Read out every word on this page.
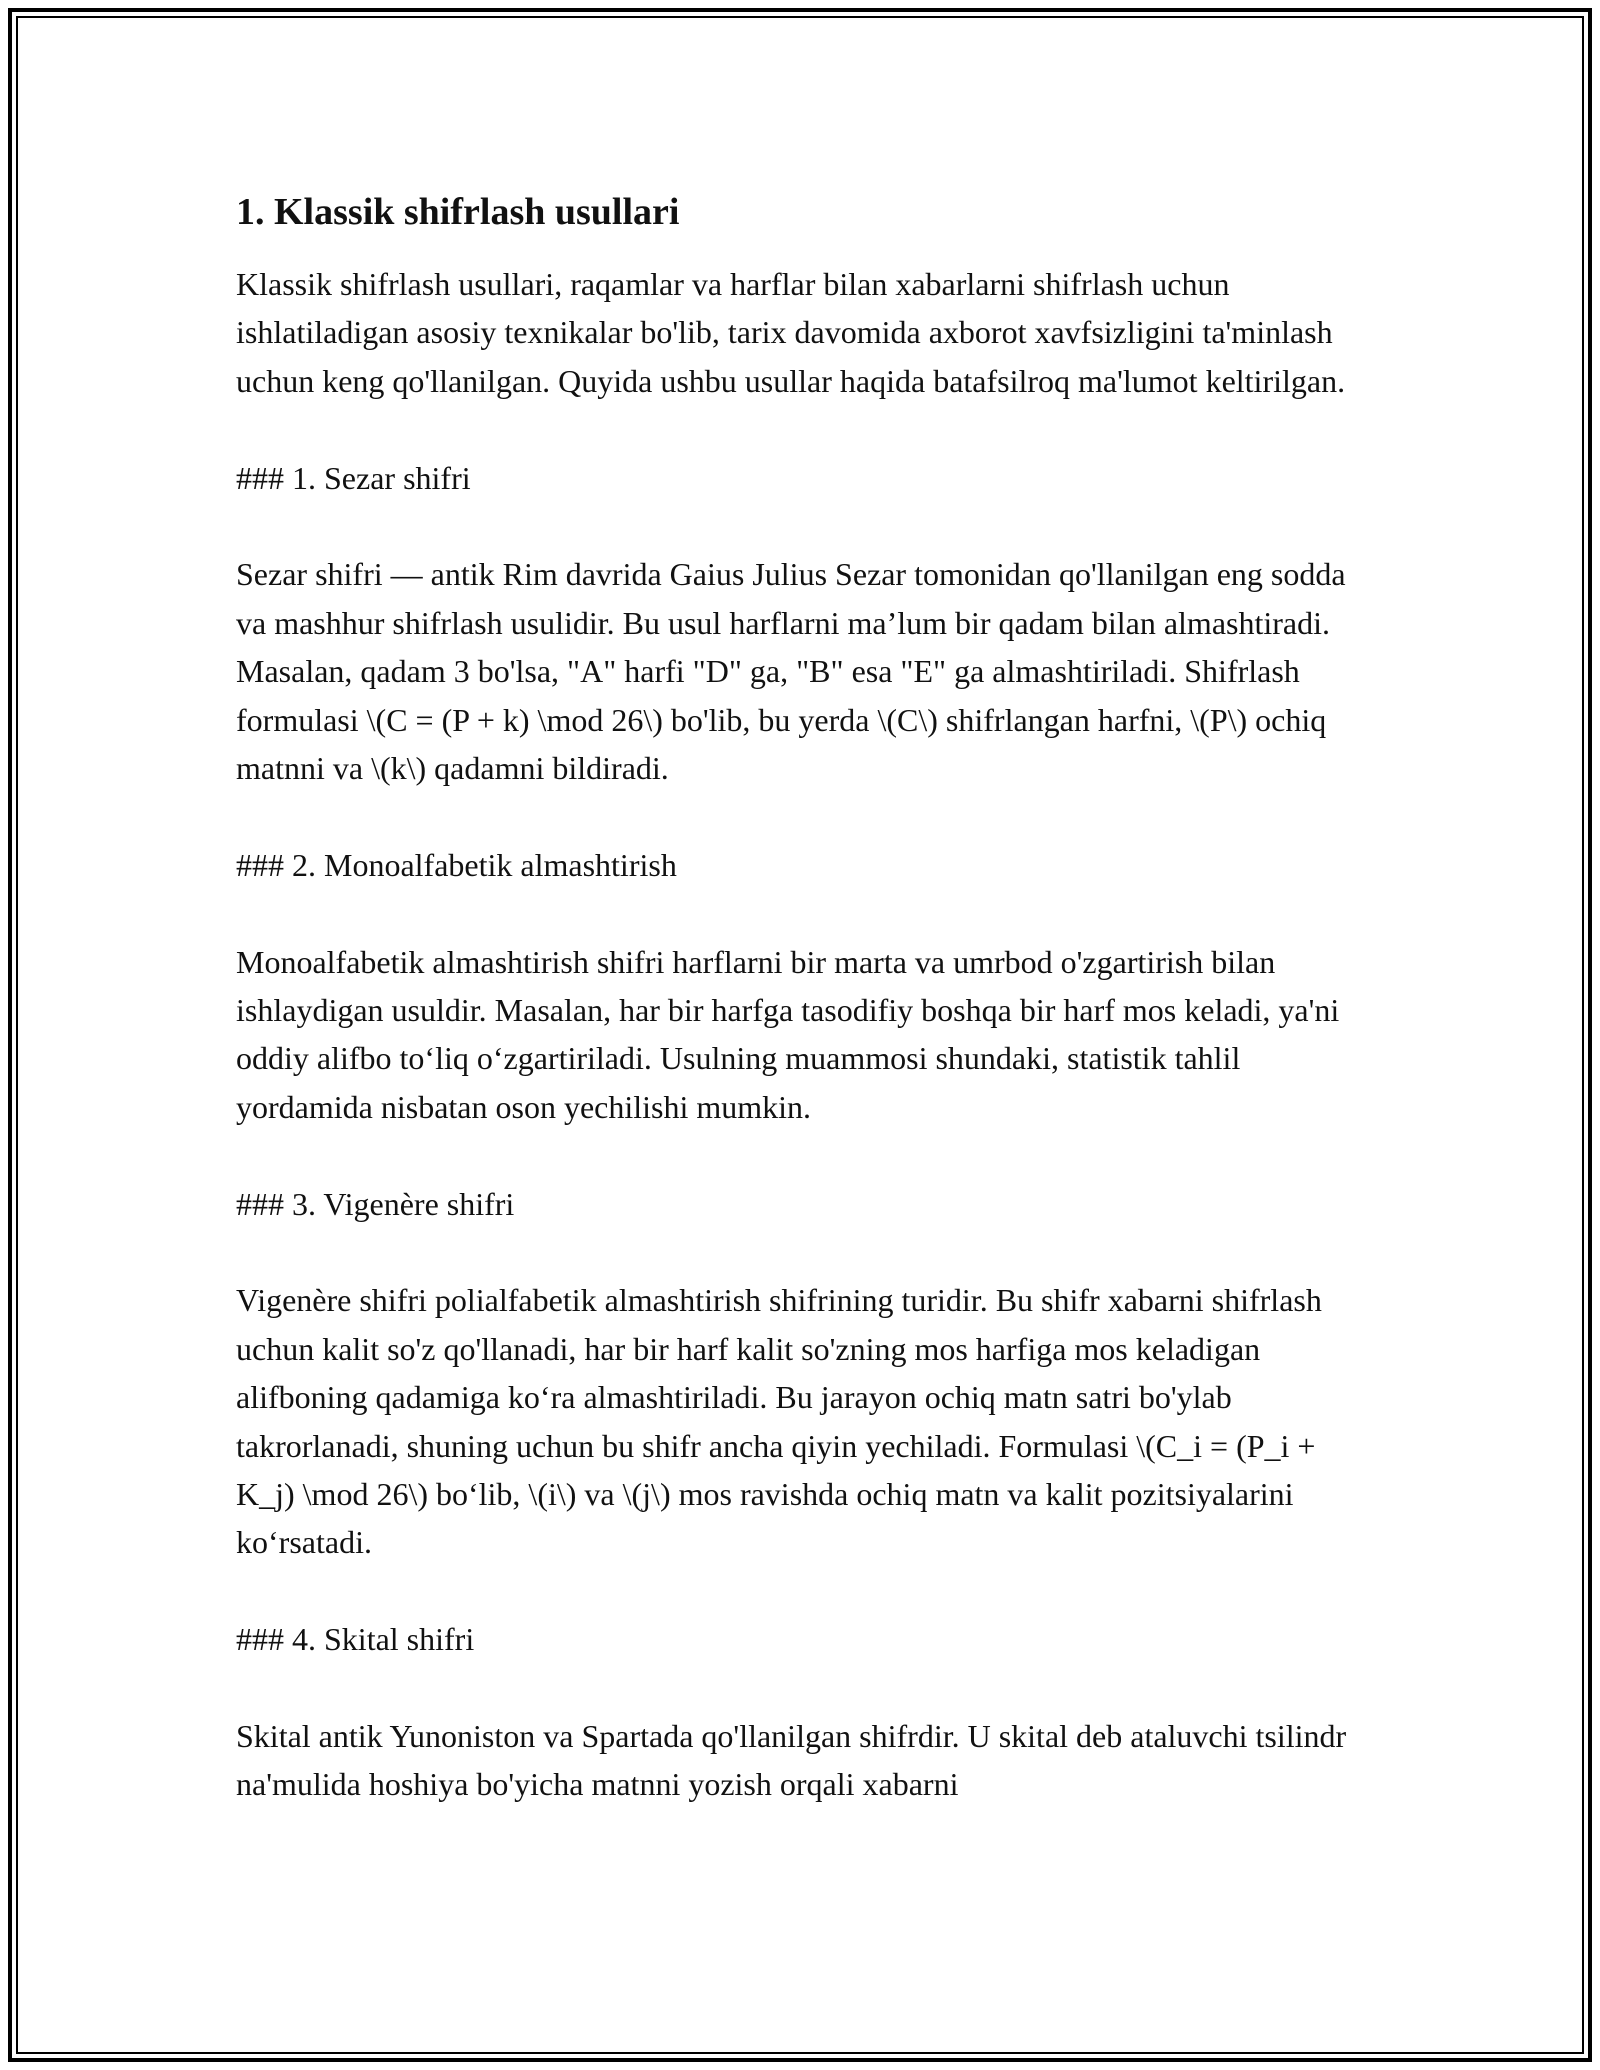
1. Klassik shifrlash usullari

Klassik shifrlash usullari, raqamlar va harflar bilan xabarlarni shifrlash uchun ishlatiladigan asosiy texnikalar bo'lib, tarix davomida axborot xavfsizligini ta'minlash uchun keng qo'llanilgan. Quyida ushbu usullar haqida batafsilroq ma'lumot keltirilgan.

### 1. Sezar shifri

Sezar shifri — antik Rim davrida Gaius Julius Sezar tomonidan qo'llanilgan eng sodda va mashhur shifrlash usulidir. Bu usul harflarni ma’lum bir qadam bilan almashtiradi. Masalan, qadam 3 bo'lsa, "A" harfi "D" ga, "B" esa "E" ga almashtiriladi. Shifrlash formulasi \(C = (P + k) \mod 26\) bo'lib, bu yerda \(C\) shifrlangan harfni, \(P\) ochiq matnni va \(k\) qadamni bildiradi.

### 2. Monoalfabetik almashtirish

Monoalfabetik almashtirish shifri harflarni bir marta va umrbod o'zgartirish bilan ishlaydigan usuldir. Masalan, har bir harfga tasodifiy boshqa bir harf mos keladi, ya'ni oddiy alifbo to‘liq o‘zgartiriladi. Usulning muammosi shundaki, statistik tahlil yordamida nisbatan oson yechilishi mumkin.

### 3. Vigenère shifri

Vigenère shifri polialfabetik almashtirish shifrining turidir. Bu shifr xabarni shifrlash uchun kalit so'z qo'llanadi, har bir harf kalit so'zning mos harfiga mos keladigan alifboning qadamiga ko‘ra almashtiriladi. Bu jarayon ochiq matn satri bo'ylab takrorlanadi, shuning uchun bu shifr ancha qiyin yechiladi. Formulasi \(C_i = (P_i + K_j) \mod 26\) bo‘lib, \(i\) va \(j\) mos ravishda ochiq matn va kalit pozitsiyalarini ko‘rsatadi.

### 4. Skital shifri

Skital antik Yunoniston va Spartada qo'llanilgan shifrdir. U skital deb ataluvchi tsilindr na'mulida hoshiya bo'yicha matnni yozish orqali xabarni
